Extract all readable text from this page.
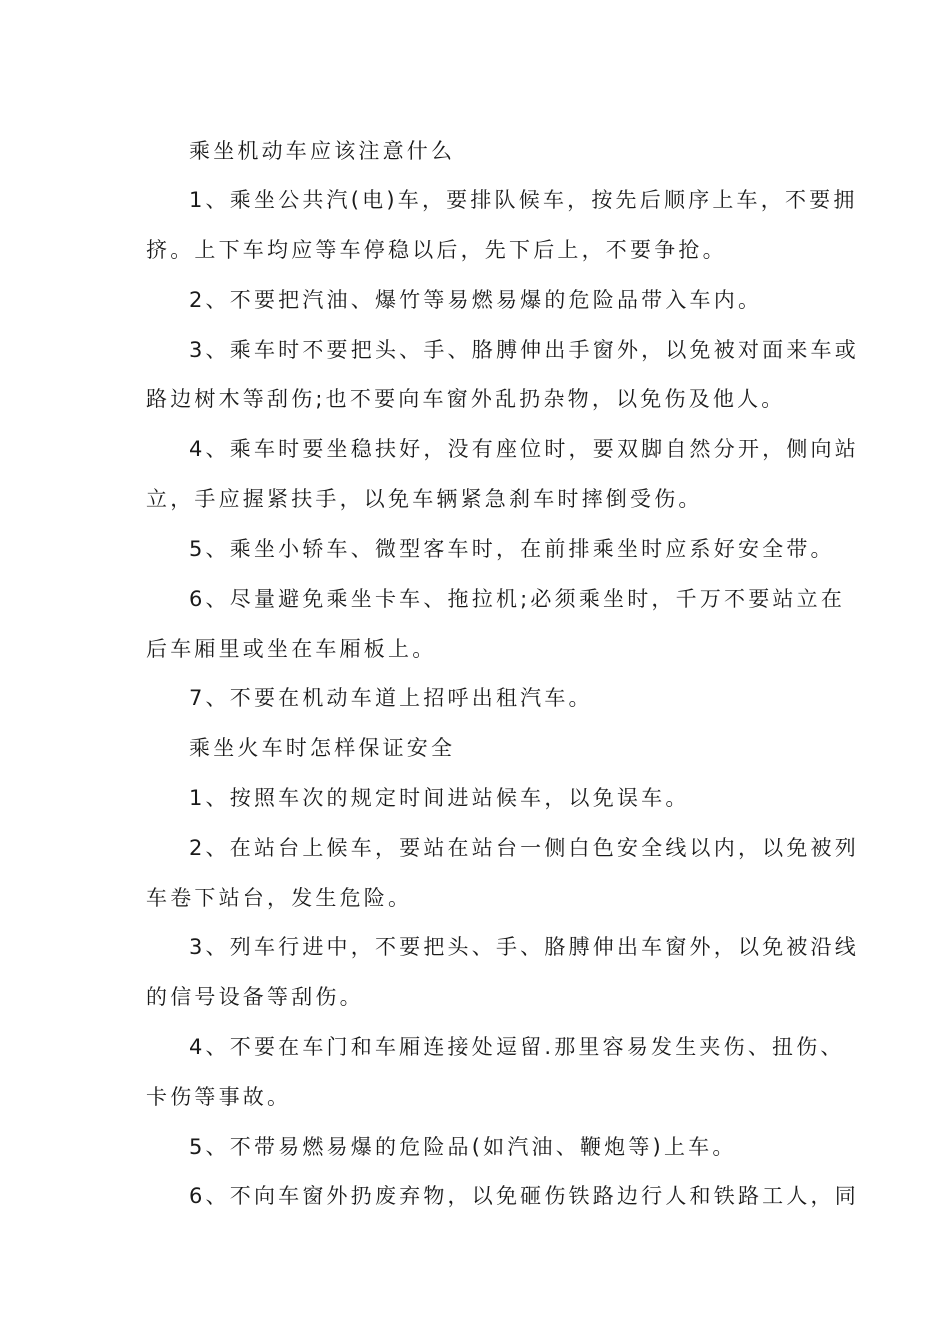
乘坐机动车应该注意什么
1、乘坐公共汽(电)车，要排队候车，按先后顺序上车，不要拥
挤。上下车均应等车停稳以后，先下后上，不要争抢。
2、不要把汽油、爆竹等易燃易爆的危险品带入车内。
3、乘车时不要把头、手、胳膊伸出手窗外，以免被对面来车或
路边树木等刮伤;也不要向车窗外乱扔杂物，以免伤及他人。
4、乘车时要坐稳扶好，没有座位时，要双脚自然分开，侧向站
立，手应握紧扶手，以免车辆紧急刹车时摔倒受伤。
5、乘坐小轿车、微型客车时，在前排乘坐时应系好安全带。
6、尽量避免乘坐卡车、拖拉机;必须乘坐时，千万不要站立在
后车厢里或坐在车厢板上。
7、不要在机动车道上招呼出租汽车。
乘坐火车时怎样保证安全
1、按照车次的规定时间进站候车，以免误车。
2、在站台上候车，要站在站台一侧白色安全线以内，以免被列
车卷下站台，发生危险。
3、列车行进中，不要把头、手、胳膊伸出车窗外，以免被沿线
的信号设备等刮伤。
4、不要在车门和车厢连接处逗留.那里容易发生夹伤、扭伤、
卡伤等事故。
5、不带易燃易爆的危险品(如汽油、鞭炮等)上车。
6、不向车窗外扔废弃物，以免砸伤铁路边行人和铁路工人，同
